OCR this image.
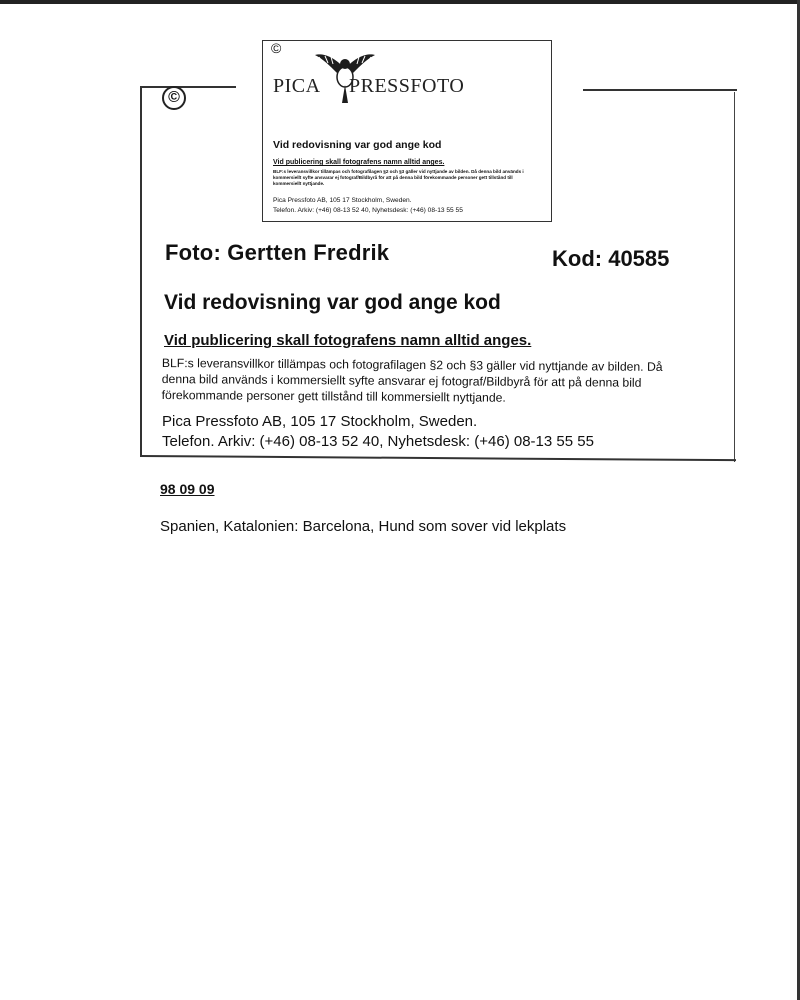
©
PICA PRESSFOTO
Vid redovisning var god ange kod
Vid publicering skall fotografens namn alltid anges.
BLF:s leveransvillkor tillämpas och fotografilagen §2 och §3 gäller vid nyttjande av bilden. Då denna bild används i kommersiellt syfte ansvarar ej fotograf/Bildbyrå för att på denna bild förekommande personer gett tillstånd till kommersiellt nyttjande.
Pica Pressfoto AB, 105 17 Stockholm, Sweden.
Telefon. Arkiv: (+46) 08-13 52 40, Nyhetsdesk: (+46) 08-13 55 55
©
Foto: Gertten Fredrik	Kod: 40585
Vid redovisning var god ange kod
Vid publicering skall fotografens namn alltid anges.
BLF:s leveransvillkor tillämpas och fotografilagen §2 och §3 gäller vid nyttjande av bilden. Då denna bild används i kommersiellt syfte ansvarar ej fotograf/Bildbyrå för att på denna bild förekommande personer gett tillstånd till kommersiellt nyttjande.
Pica Pressfoto AB, 105 17 Stockholm, Sweden.
Telefon. Arkiv: (+46) 08-13 52 40, Nyhetsdesk: (+46) 08-13 55 55
98 09 09
Spanien, Katalonien: Barcelona, Hund som sover vid lekplats
